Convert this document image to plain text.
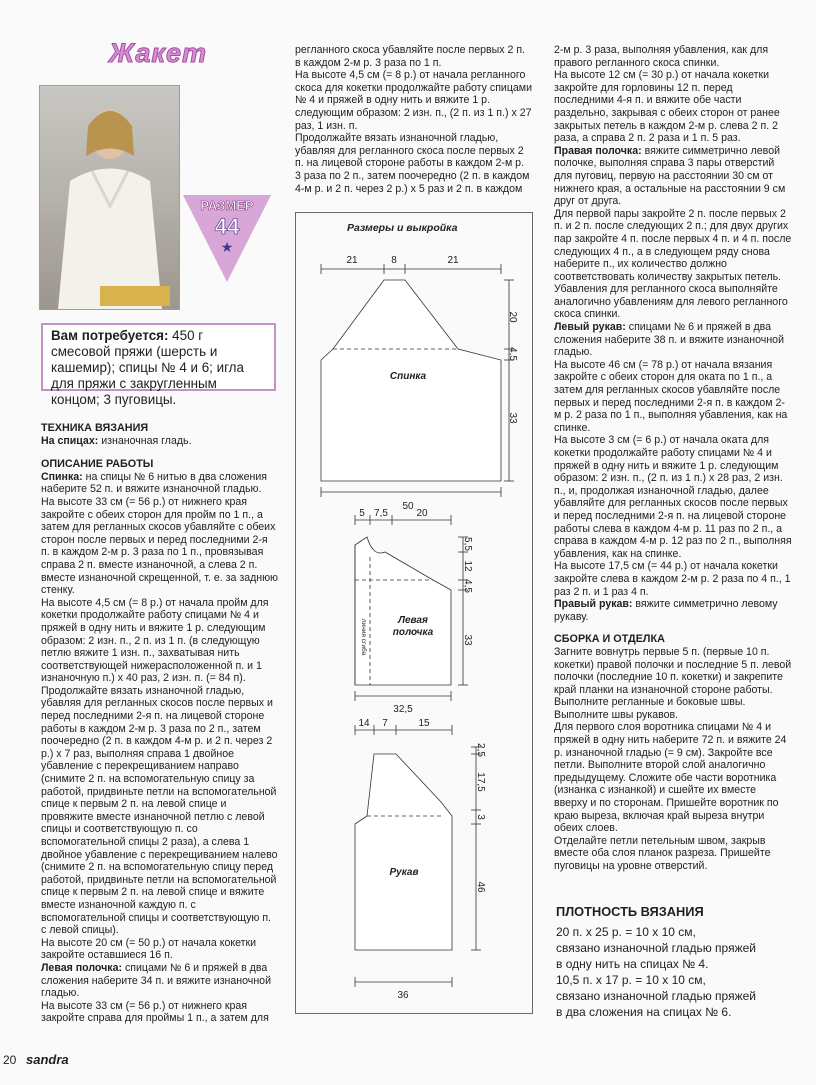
Жакет
РАЗМЕР
44
★
Вам потребуется: 450 г смесовой пряжи (шерсть и кашемир); спицы № 4 и 6; игла для пряжи с закругленным концом; 3 пуговицы.

ТЕХНИКА ВЯЗАНИЯ

На спицах: изнаночная гладь.

ОПИСАНИЕ РАБОТЫ

Спинка: на спицы № 6 нитью в два сложения наберите 52 п. и вяжите изнаночной гладью.

На высоте 33 см (= 56 р.) от нижнего края закройте с обеих сторон для пройм по 1 п., а затем для регланных скосов убавляйте с обеих сторон после первых и перед последними 2-я п. в каждом 2-м р. 3 раза по 1 п., провязывая справа 2 п. вместе изнаночной, а слева 2 п. вместе изнаночной скрещенной, т. е. за заднюю стенку.

На высоте 4,5 см (= 8 р.) от начала пройм для кокетки продолжайте работу спицами № 4 и пряжей в одну нить и вяжите 1 р. следующим образом: 2 изн. п., 2 п. из 1 п. (в следующую петлю вяжите 1 изн. п., захватывая нить соответствующей нижерасположенной п. и 1 изнаночную п.) х 40 раз, 2 изн. п. (= 84 п).

Продолжайте вязать изнаночной гладью, убавляя для регланных скосов после первых и перед последними 2-я п. на лицевой стороне работы в каждом 2-м р. 3 раза по 2 п., затем поочередно (2 п. в каждом 4-м р. и 2 п. через 2 р.) х 7 раз, выполняя справа 1 двойное убавление с перекрещиванием направо (снимите 2 п. на вспомогательную спицу за работой, придвиньте петли на вспомогательной спице к первым 2 п. на левой спице и провяжите вместе изнаночной петлю с левой спицы и соответствующую п. со вспомогательной спицы 2 раза), а слева 1 двойное убавление с перекрещиванием налево (снимите 2 п. на вспомогательную спицу перед работой, придвиньте петли на вспомогательной спице к первым 2 п. на левой спице и вяжите вместе изнаночной каждую п. с вспомогательной спицы и соответствующую п. с левой спицы).

На высоте 20 см (= 50 р.) от начала кокетки закройте оставшиеся 16 п.

Левая полочка: спицами № 6 и пряжей в два сложения наберите 34 п. и вяжите изнаночной гладью.

На высоте 33 см (= 56 р.) от нижнего края закройте справа для проймы 1 п., а затем для

регланного скоса убавляйте после первых 2 п. в каждом 2-м р. 3 раза по 1 п.

На высоте 4,5 см (= 8 р.) от начала регланного скоса для кокетки продолжайте работу спицами № 4 и пряжей в одну нить и вяжите 1 р. следующим образом: 2 изн. п., (2 п. из 1 п.) х 27 раз, 1 изн. п.

Продолжайте вязать изнаночной гладью, убавляя для регланного скоса после первых 2 п. на лицевой стороне работы в каждом 2-м р. 3 раза по 2 п., затем поочередно (2 п. в каждом 4-м р. и 2 п. через 2 р.) х 5 раз и 2 п. в каждом

2-м р. 3 раза, выполняя убавления, как для правого регланного скоса спинки.

На высоте 12 см (= 30 р.) от начала кокетки закройте для горловины 12 п. перед последними 4-я п. и вяжите обе части раздельно, закрывая с обеих сторон от ранее закрытых петель в каждом 2-м р. слева 2 п. 2 раза, а справа 2 п. 2 раза и 1 п. 5 раз.

Правая полочка: вяжите симметрично левой полочке, выполняя справа 3 пары отверстий для пуговиц, первую на расстоянии 30 см от нижнего края, а остальные на расстоянии 9 см друг от друга.

Для первой пары закройте 2 п. после первых 2 п. и 2 п. после следующих 2 п.; для двух других пар закройте 4 п. после первых 4 п. и 4 п. после следующих 4 п., а в следующем ряду снова наберите п., их количество должно соответствовать количеству закрытых петель. Убавления для регланного скоса выполняйте аналогично убавлениям для левого регланного скоса спинки.

Левый рукав: спицами № 6 и пряжей в два сложения наберите 38 п. и вяжите изнаночной гладью.

На высоте 46 см (= 78 р.) от начала вязания закройте с обеих сторон для оката по 1 п., а затем для регланных скосов убавляйте после первых и перед последними 2-я п. в каждом 2-м р. 2 раза по 1 п., выполняя убавления, как на спинке.

На высоте 3 см (= 6 р.) от начала оката для кокетки продолжайте работу спицами № 4 и пряжей в одну нить и вяжите 1 р. следующим образом: 2 изн. п., (2 п. из 1 п.) х 28 раз, 2 изн. п., и, продолжая изнаночной гладью, далее убавляйте для регланных скосов после первых и перед последними 2-я п. на лицевой стороне работы слева в каждом 4-м р. 11 раз по 2 п., а справа в каждом 4-м р. 12 раз по 2 п., выполняя убавления, как на спинке.

На высоте 17,5 см (= 44 р.) от начала кокетки закройте слева в каждом 2-м р. 2 раза по 4 п., 1 раз 2 п. и 1 раз 4 п.

Правый рукав: вяжите симметрично левому рукаву.

СБОРКА И ОТДЕЛКА

Загните вовнутрь первые 5 п. (первые 10 п. кокетки) правой полочки и последние 5 п. левой полочки (последние 10 п. кокетки) и закрепите край планки на изнаночной стороне работы. Выполните регланные и боковые швы. Выполните швы рукавов.

Для первого слоя воротника спицами № 4 и пряжей в одну нить наберите 72 п. и вяжите 24 р. изнаночной гладью (= 9 см). Закройте все петли. Выполните второй слой аналогично предыдущему. Сложите обе части воротника (изнанка с изнанкой) и сшейте их вместе вверху и по сторонам. Пришейте воротник по краю выреза, включая край выреза внутри обеих слоев.

Отделайте петли петельным швом, закрыв вместе оба слоя планок разреза. Пришейте пуговицы на уровне отверстий.

ПЛОТНОСТЬ ВЯЗАНИЯ

20 п. х 25 р. = 10 х 10 см,

связано изнаночной гладью пряжей

в одну нить на спицах № 4.

10,5 п. х 17 р. = 10 х 10 см,

связано изнаночной гладью пряжей

в два сложения на спицах № 6.

Размеры и выкройка
21	8	21
20
4,5
33
50
Спинка
5 7,5	20
5,5
12
4,5
33
32,5
Левая
полочка
линия сгиба
14 7	15
2,5
17,5
3
46
36
Рукав
20 sandra
